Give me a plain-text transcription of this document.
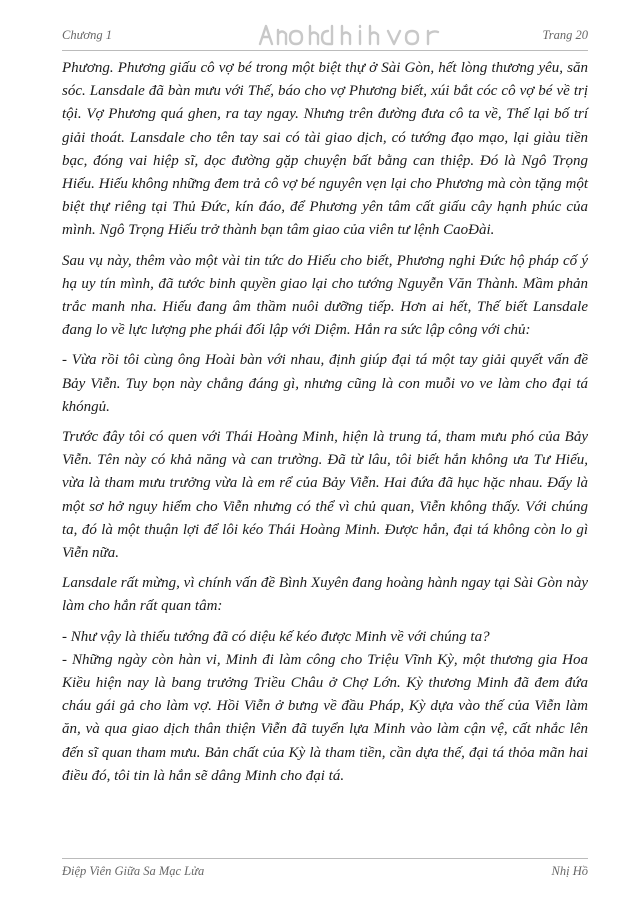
Chương 1	Trang 20

Phương. Phương giấu cô vợ bé trong một biệt thự ở Sài Gòn, hết lòng thương yêu, săn sóc. Lansdale đã bàn mưu với Thế, báo cho vợ Phương biết, xúi bắt cóc cô vợ bé về trị tội. Vợ Phương quá ghen, ra tay ngay. Nhưng trên đường đưa cô ta về, Thế lại bố trí giải thoát. Lansdale cho tên tay sai có tài giao dịch, có tướng đạo mạo, lại giàu tiền bạc, đóng vai hiệp sĩ, dọc đường gặp chuyện bất bằng can thiệp. Đó là Ngô Trọng Hiếu. Hiếu không những đem trả cô vợ bé nguyên vẹn lại cho Phương mà còn tặng một biệt thự riêng tại Thủ Đức, kín đáo, để Phương yên tâm cất giấu cây hạnh phúc của mình. Ngô Trọng Hiếu trở thành bạn tâm giao của viên tư lệnh CaoĐài.

Sau vụ này, thêm vào một vài tin tức do Hiếu cho biết, Phương nghi Đức hộ pháp cố ý hạ uy tín mình, đã tước binh quyền giao lại cho tướng Nguyễn Văn Thành. Mầm phản trắc manh nha. Hiếu đang âm thầm nuôi dưỡng tiếp. Hơn ai hết, Thế biết Lansdale đang lo về lực lượng phe phái đối lập với Diệm. Hắn ra sức lập công với chủ:

- Vừa rồi tôi cùng ông Hoài bàn với nhau, định giúp đại tá một tay giải quyết vấn đề Bảy Viễn. Tuy bọn này chẳng đáng gì, nhưng cũng là con muỗi vo ve làm cho đại tá khóngủ.

Trước đây tôi có quen với Thái Hoàng Minh, hiện là trung tá, tham mưu phó của Bảy Viễn. Tên này có khả năng và can trường. Đã từ lâu, tôi biết hắn không ưa Tư Hiếu, vừa là tham mưu trưởng vừa là em rể của Bảy Viễn. Hai đứa đã hục hặc nhau. Đấy là một sơ hở nguy hiểm cho Viễn nhưng có thể vì chủ quan, Viễn không thấy. Với chúng ta, đó là một thuận lợi để lôi kéo Thái Hoàng Minh. Được hắn, đại tá không còn lo gì Viễn nữa.

Lansdale rất mừng, vì chính vấn đề Bình Xuyên đang hoàng hành ngay tại Sài Gòn này làm cho hắn rất quan tâm:

- Như vậy là thiếu tướng đã có diệu kế kéo được Minh về với chúng ta?

- Những ngày còn hàn vi, Minh đi làm công cho Triệu Vĩnh Kỳ, một thương gia Hoa Kiều hiện nay là bang trưởng Triều Châu ở Chợ Lớn. Kỳ thương Minh đã đem đứa cháu gái gả cho làm vợ. Hồi Viễn ở bưng về đầu Pháp, Kỳ dựa vào thế của Viễn làm ăn, và qua giao dịch thân thiện Viễn đã tuyển lựa Minh vào làm cận vệ, cất nhắc lên đến sĩ quan tham mưu. Bản chất của Kỳ là tham tiền, cần dựa thế, đại tá thỏa mãn hai điều đó, tôi tin là hắn sẽ dâng Minh cho đại tá.

Điệp Viên Giữa Sa Mạc Lửa	Nhị Hồ
